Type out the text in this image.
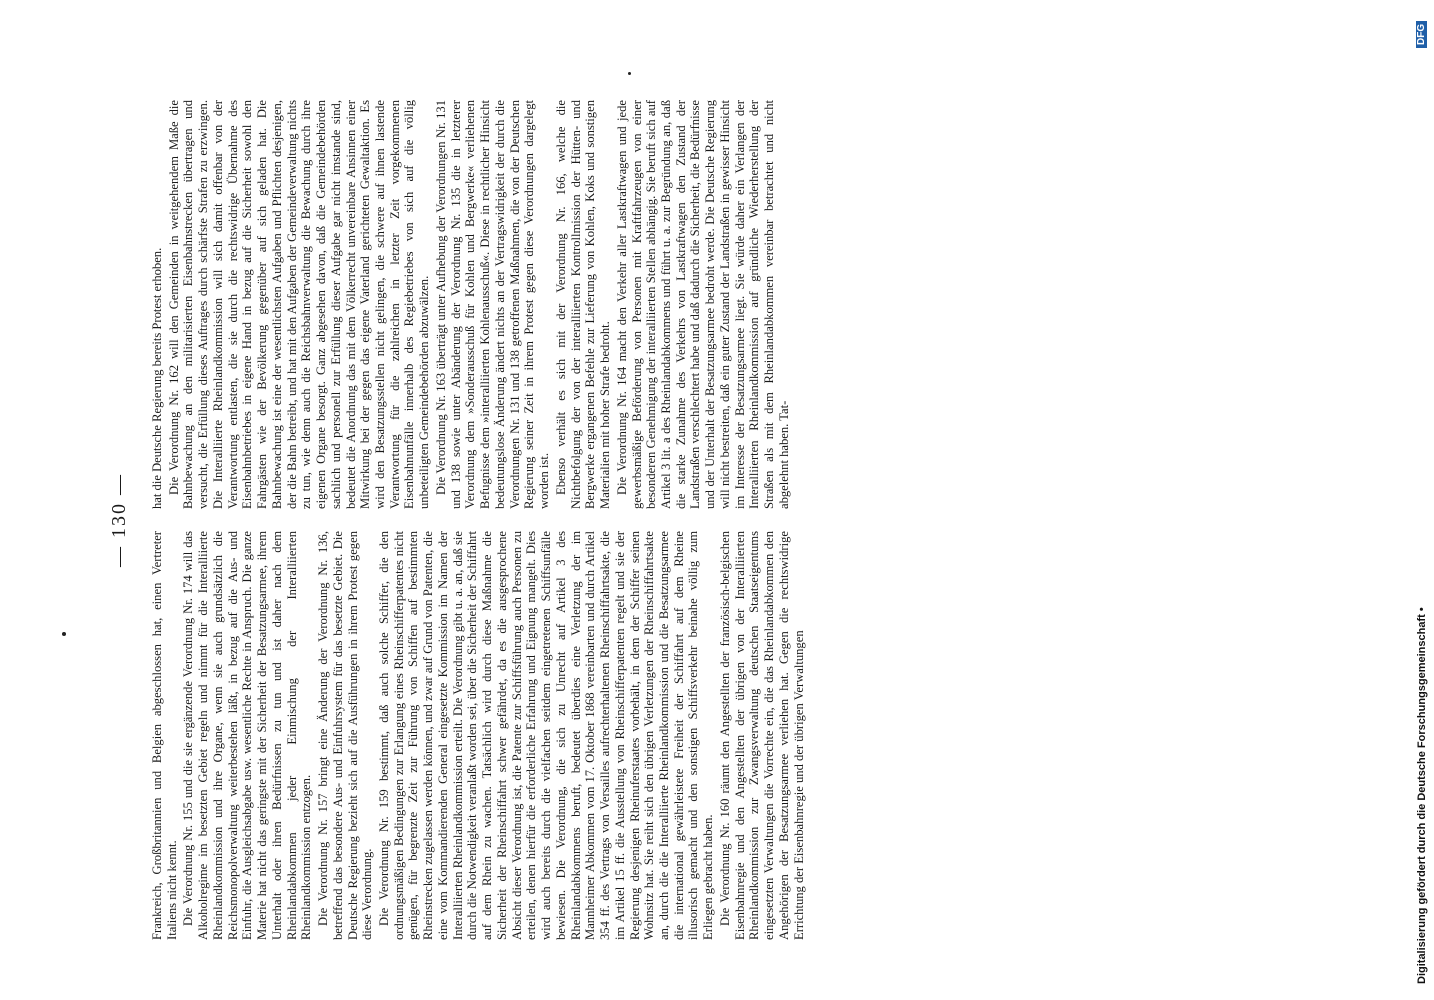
— 130 —

Frankreich, Großbritannien und Belgien abgeschlossen hat, einen Vertreter Italiens nicht kennt. Die Verordnung Nr. 155 und die sie ergänzende Verordnung Nr. 174 will das Alkoholregime im besetzten Gebiet regeln und nimmt für die Interalliierte Rheinlandkommission und ihre Organe, wenn sie auch grundsätzlich die Reichsmonopolverwaltung weiterbestehen läßt, in bezug auf die Aus- und Einfuhr, die Ausgleichsabgabe usw. wesentliche Rechte in Anspruch. Die ganze Materie hat nicht das geringste mit der Sicherheit der Besatzungsarmee, ihrem Unterhalt oder ihren Bedürfnissen zu tun und ist daher nach dem Rheinlandabkommen jeder Einmischung der Interalliierten Rheinlandkommission entzogen. Die Verordnung Nr. 157 bringt eine Änderung der Verordnung Nr. 136, betreffend das besondere Aus- und Einfuhrsystem für das besetzte Gebiet. Die Deutsche Regierung bezieht sich auf die Ausführungen in ihrem Protest gegen diese Verordnung. Die Verordnung Nr. 159 bestimmt, daß auch solche Schiffer, die den ordnungsmäßigen Bedingungen zur Erlangung eines Rheinschifferpatentes nicht genügen, für begrenzte Zeit zur Führung von Schiffen auf bestimmten Rheinstrecken zugelassen werden können, und zwar auf Grund von Patenten, die eine vom Kommandierenden General eingesetzte Kommission im Namen der Interalliierten Rheinlandkommission erteilt. Die Verordnung gibt u. a. an, daß sie durch die Notwendigkeit veranlaßt worden sei, über die Sicherheit der Schiffahrt auf dem Rhein zu wachen. Tatsächlich wird durch diese Maßnahme die Sicherheit der Rheinschiffahrt schwer gefährdet, da es die ausgesprochene Absicht dieser Verordnung ist, die Patente zur Schiffsführung auch Personen zu erteilen, denen hierfür die erforderliche Erfahrung und Eignung mangelt. Dies wird auch bereits durch die vielfachen seitdem eingetretenen Schiffsunfälle bewiesen. Die Verordnung, die sich zu Unrecht auf Artikel 3 des Rheinlandabkommens beruft, bedeutet überdies eine Verletzung der im Mannheimer Abkommen vom 17. Oktober 1868 vereinbarten und durch Artikel 354 ff. des Vertrags von Versailles aufrechterhaltenen Rheinschiffahrtsakte, die im Artikel 15 ff. die Ausstellung von Rheinschifferpatenten regelt und sie der Regierung desjenigen Rheinuferstaates vorbehält, in dem der Schiffer seinen Wohnsitz hat. Sie reiht sich den übrigen Verletzungen der Rheinschiffahrtsakte an, durch die die Interalliierte Rheinlandkommission und die Besatzungsarmee die international gewährleistete Freiheit der Schiffahrt auf dem Rheine illusorisch gemacht und den sonstigen Schiffsverkehr beinahe völlig zum Erliegen gebracht haben. Die Verordnung Nr. 160 räumt den Angestellten der französisch-belgischen Eisenbahnregie und den Angestellten der übrigen von der Interalliierten Rheinlandkommission zur Zwangsverwaltung deutschen Staatseigentums eingesetzten Verwaltungen die Vorrechte ein, die das Rheinlandabkommen den Angehörigen der Besatzungsarmee verliehen hat. Gegen die rechtswidrige Errichtung der Eisenbahnregie und der übrigen Verwaltungen

hat die Deutsche Regierung bereits Protest erhoben. Die Verordnung Nr. 162 will den Gemeinden in weitgehendem Maße die Bahnbewachung an den militarisierten Eisenbahnstrecken übertragen und versucht, die Erfüllung dieses Auftrages durch schärfste Strafen zu erzwingen. Die Interalliierte Rheinlandkommission will sich damit offenbar von der Verantwortung entlasten, die sie durch die rechtswidrige Übernahme des Eisenbahnbetriebes in eigene Hand in bezug auf die Sicherheit sowohl den Fahrgästen wie der Bevölkerung gegenüber auf sich geladen hat. Die Bahnbewachung ist eine der wesentlichsten Aufgaben und Pflichten desjenigen, der die Bahn betreibt, und hat mit den Aufgaben der Gemeindeverwaltung nichts zu tun, wie denn auch die Reichsbahnverwaltung die Bewachung durch ihre eigenen Organe besorgt. Ganz abgesehen davon, daß die Gemeindebehörden sachlich und personell zur Erfüllung dieser Aufgabe gar nicht imstande sind, bedeutet die Anordnung das mit dem Völkerrecht unvereinbare Ansinnen einer Mitwirkung bei der gegen das eigene Vaterland gerichteten Gewaltaktion. Es wird den Besatzungsstellen nicht gelingen, die schwere auf ihnen lastende Verantwortung für die zahlreichen in letzter Zeit vorgekommenen Eisenbahnunfälle innerhalb des Regiebetriebes von sich auf die völlig unbeteiligten Gemeindebehörden abzuwälzen. Die Verordnung Nr. 163 überträgt unter Aufhebung der Verordnungen Nr. 131 und 138 sowie unter Abänderung der Verordnung Nr. 135 die in letzterer Verordnung dem »Sonderausschuß für Kohlen und Bergwerke« verliehenen Befugnisse dem »interalliierten Kohlenausschuß«. Diese in rechtlicher Hinsicht bedeutungslose Änderung ändert nichts an der Vertragswidrigkeit der durch die Verordnungen Nr. 131 und 138 getroffenen Maßnahmen, die von der Deutschen Regierung seiner Zeit in ihrem Protest gegen diese Verordnungen dargelegt worden ist. Ebenso verhält es sich mit der Verordnung Nr. 166, welche die Nichtbefolgung der von der interalliierten Kontrollmission der Hütten- und Bergwerke ergangenen Befehle zur Lieferung von Kohlen, Koks und sonstigen Materialien mit hoher Strafe bedroht. Die Verordnung Nr. 164 macht den Verkehr aller Lastkraftwagen und jede gewerbsmäßige Beförderung von Personen mit Kraftfahrzeugen von einer besonderen Genehmigung der interalliierten Stellen abhängig. Sie beruft sich auf Artikel 3 lit. a des Rheinlandabkommens und führt u. a. zur Begründung an, daß die starke Zunahme des Verkehrs von Lastkraftwagen den Zustand der Landstraßen verschlechtert habe und daß dadurch die Sicherheit, die Bedürfnisse und der Unterhalt der Besatzungsarmee bedroht werde. Die Deutsche Regierung will nicht bestreiten, daß ein guter Zustand der Landstraßen in gewisser Hinsicht im Interesse der Besatzungsarmee liegt. Sie würde daher ein Verlangen der Interalliierten Rheinlandkommission auf gründliche Wiederherstellung der Straßen als mit dem Rheinlandabkommen vereinbar betrachtet und nicht abgelehnt haben. Tat-

Digitalisierung gefördert durch die Deutsche Forschungsgemeinschaft •
DFG
